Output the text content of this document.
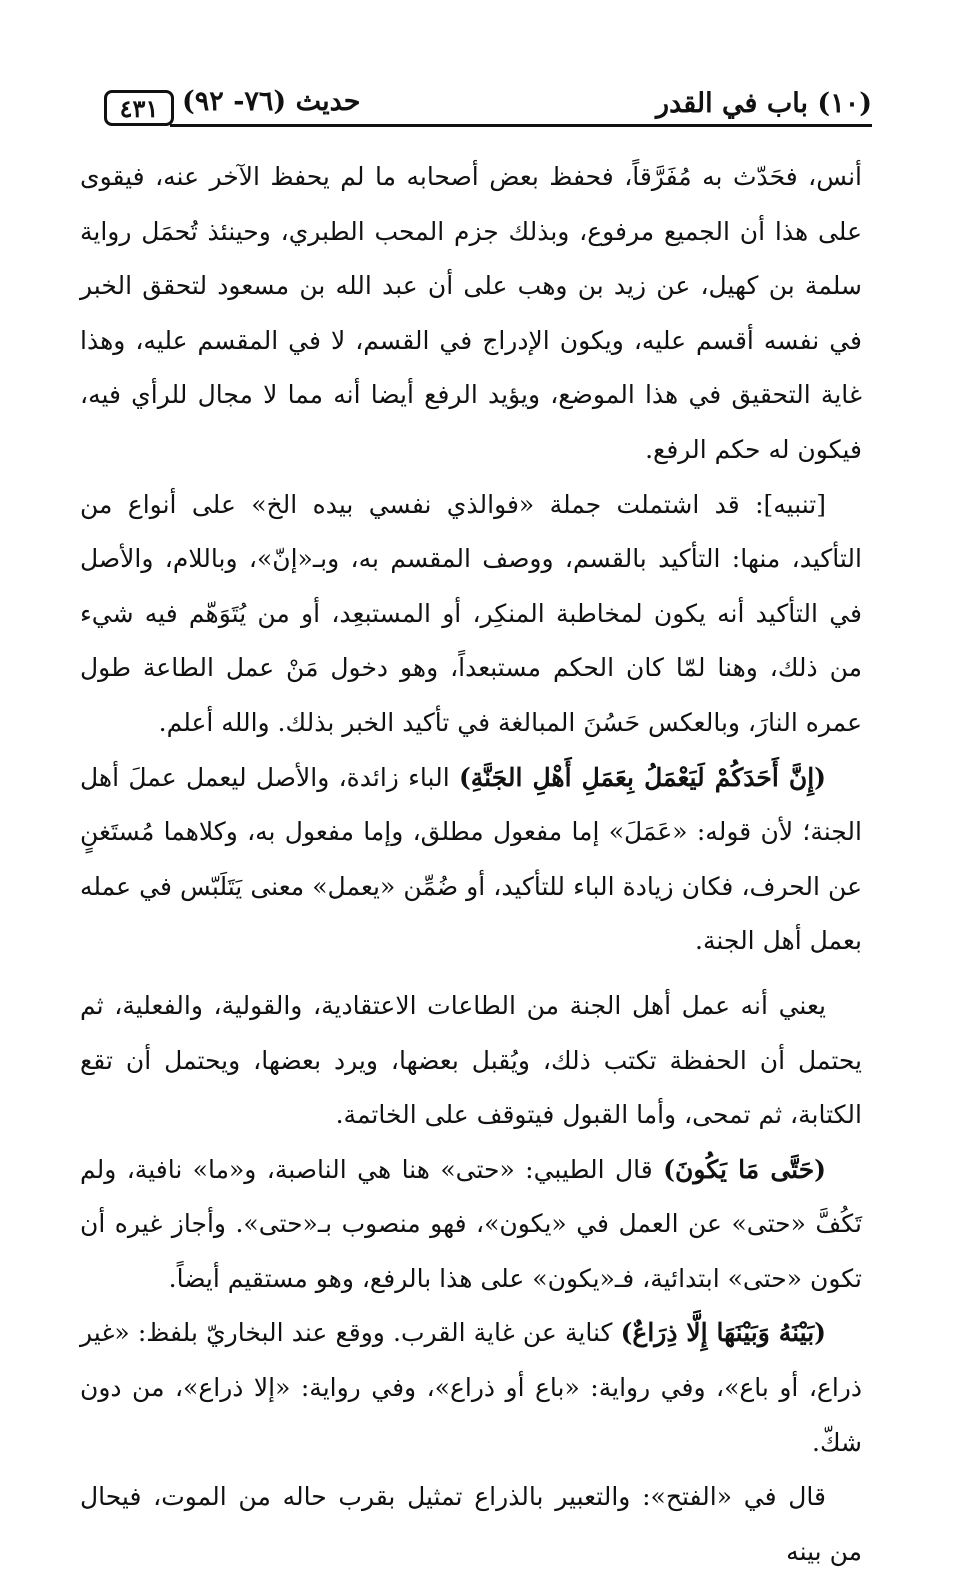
٤٣١ حديث (٧٦- ٩٢)	(١٠) باب في القدر

أنس، فحَدّث به مُفَرَّقاً، فحفظ بعض أصحابه ما لم يحفظ الآخر عنه، فيقوى على هذا أن الجميع مرفوع، وبذلك جزم المحب الطبري، وحينئذ تُحمَل رواية سلمة بن كهيل، عن زيد بن وهب على أن عبد الله بن مسعود لتحقق الخبر في نفسه أقسم عليه، ويكون الإدراج في القسم، لا في المقسم عليه، وهذا غاية التحقيق في هذا الموضع، ويؤيد الرفع أيضا أنه مما لا مجال للرأي فيه، فيكون له حكم الرفع.

[تنبيه]: قد اشتملت جملة «فوالذي نفسي بيده الخ» على أنواع من التأكيد، منها: التأكيد بالقسم، ووصف المقسم به، وبـ«إنّ»، وباللام، والأصل في التأكيد أنه يكون لمخاطبة المنكِر، أو المستبعِد، أو من يُتَوَهّم فيه شيء من ذلك، وهنا لمّا كان الحكم مستبعداً، وهو دخول مَنْ عمل الطاعة طول عمره النارَ، وبالعكس حَسُنَ المبالغة في تأكيد الخبر بذلك. والله أعلم.

(إِنَّ أَحَدَكُمْ لَيَعْمَلُ بِعَمَلِ أَهْلِ الجَنَّةِ) الباء زائدة، والأصل ليعمل عملَ أهل الجنة؛ لأن قوله: «عَمَلَ» إما مفعول مطلق، وإما مفعول به، وكلاهما مُستَغنٍ عن الحرف، فكان زيادة الباء للتأكيد، أو ضُمِّن «يعمل» معنى يَتَلَبّس في عمله بعمل أهل الجنة.

يعني أنه عمل أهل الجنة من الطاعات الاعتقادية، والقولية، والفعلية، ثم يحتمل أن الحفظة تكتب ذلك، ويُقبل بعضها، ويرد بعضها، ويحتمل أن تقع الكتابة، ثم تمحى، وأما القبول فيتوقف على الخاتمة.

(حَتَّى مَا يَكُونَ) قال الطيبي: «حتى» هنا هي الناصبة، و«ما» نافية، ولم تَكُفَّ «حتى» عن العمل في «يكون»، فهو منصوب بـ«حتى». وأجاز غيره أن تكون «حتى» ابتدائية، فـ«يكون» على هذا بالرفع، وهو مستقيم أيضاً.

(بَيْنَهُ وَبَيْنَهَا إِلَّا ذِرَاعٌ) كناية عن غاية القرب. ووقع عند البخاريّ بلفظ: «غير ذراع، أو باع»، وفي رواية: «باع أو ذراع»، وفي رواية: «إلا ذراع»، من دون شكّ.

قال في «الفتح»: والتعبير بالذراع تمثيل بقرب حاله من الموت، فيحال من بينه
